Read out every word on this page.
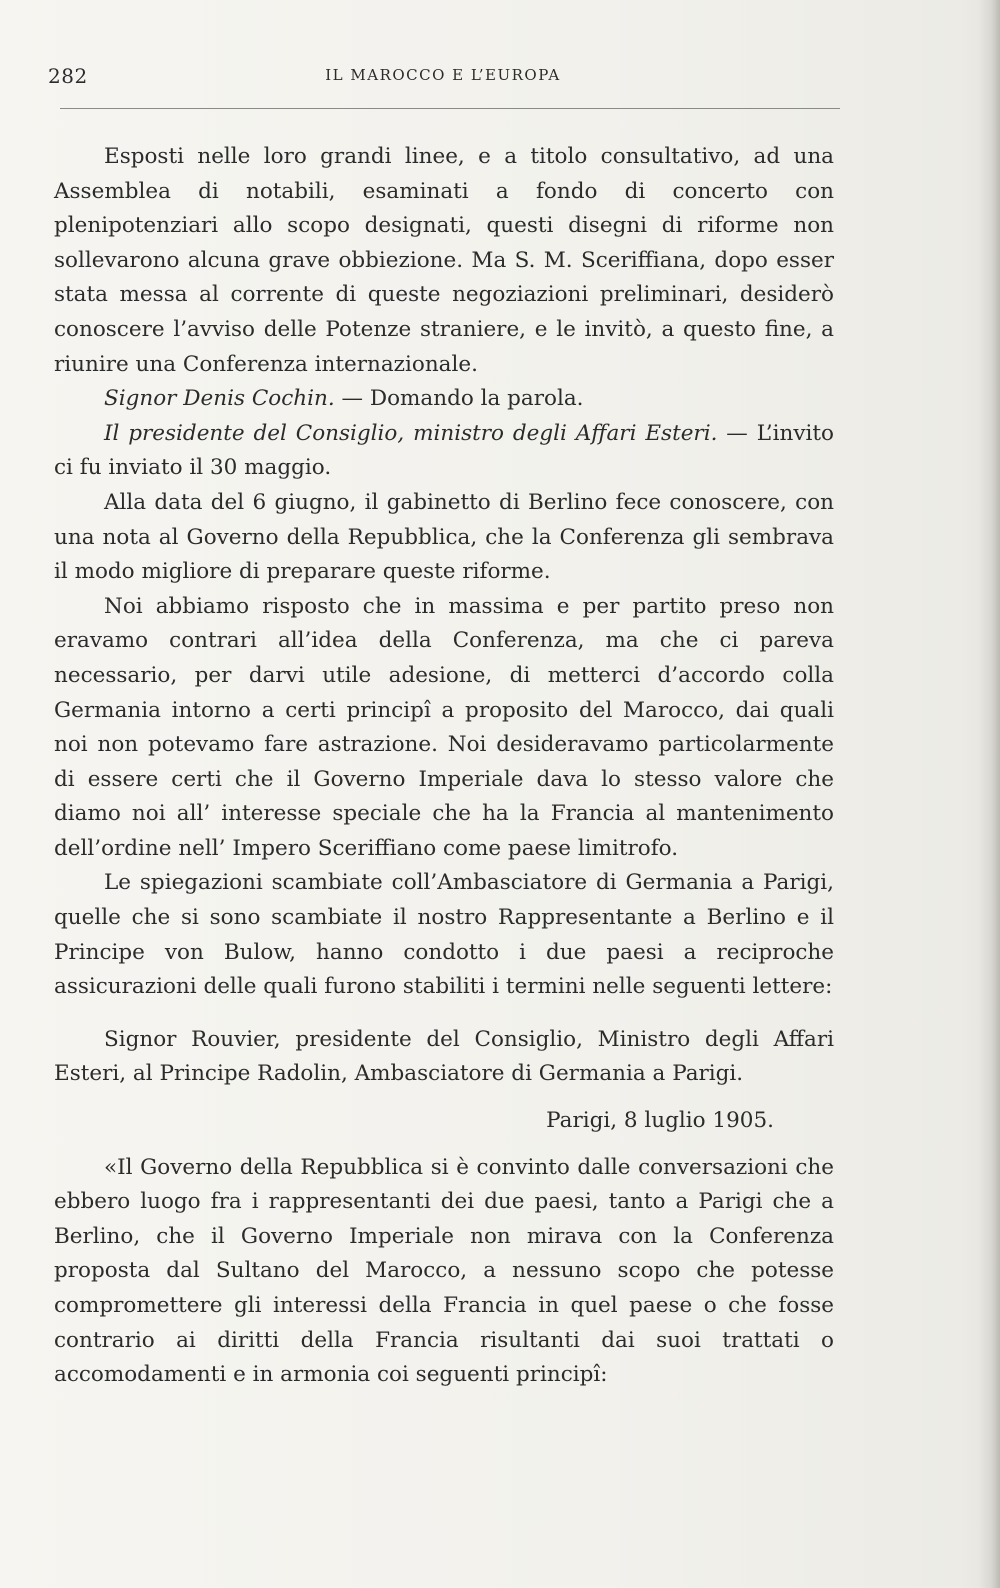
282	IL MAROCCO E L’EUROPA

Esposti nelle loro grandi linee, e a titolo consultativo, ad una Assemblea di notabili, esaminati a fondo di concerto con plenipotenziari allo scopo designati, questi disegni di riforme non sollevarono alcuna grave obbiezione. Ma S. M. Sceriffiana, dopo esser stata messa al corrente di queste negoziazioni preliminari, desiderò conoscere l’avviso delle Potenze straniere, e le invitò, a questo fine, a riunire una Conferenza internazionale.

Signor Denis Cochin. — Domando la parola.

Il presidente del Consiglio, ministro degli Affari Esteri. — L’invito ci fu inviato il 30 maggio.

Alla data del 6 giugno, il gabinetto di Berlino fece conoscere, con una nota al Governo della Repubblica, che la Conferenza gli sembrava il modo migliore di preparare queste riforme.

Noi abbiamo risposto che in massima e per partito preso non eravamo contrari all’idea della Conferenza, ma che ci pareva necessario, per darvi utile adesione, di metterci d’accordo colla Germania intorno a certi principî a proposito del Marocco, dai quali noi non potevamo fare astrazione. Noi desideravamo particolarmente di essere certi che il Governo Imperiale dava lo stesso valore che diamo noi all’ interesse speciale che ha la Francia al mantenimento dell’ordine nell’ Impero Sceriffiano come paese limitrofo.

Le spiegazioni scambiate coll’Ambasciatore di Germania a Parigi, quelle che si sono scambiate il nostro Rappresentante a Berlino e il Principe von Bulow, hanno condotto i due paesi a reciproche assicurazioni delle quali furono stabiliti i termini nelle seguenti lettere:

Signor Rouvier, presidente del Consiglio, Ministro degli Affari Esteri, al Principe Radolin, Ambasciatore di Germania a Parigi.

Parigi, 8 luglio 1905.

«Il Governo della Repubblica si è convinto dalle conversazioni che ebbero luogo fra i rappresentanti dei due paesi, tanto a Parigi che a Berlino, che il Governo Imperiale non mirava con la Conferenza proposta dal Sultano del Marocco, a nessuno scopo che potesse compromettere gli interessi della Francia in quel paese o che fosse contrario ai diritti della Francia risultanti dai suoi trattati o accomodamenti e in armonia coi seguenti principî:
